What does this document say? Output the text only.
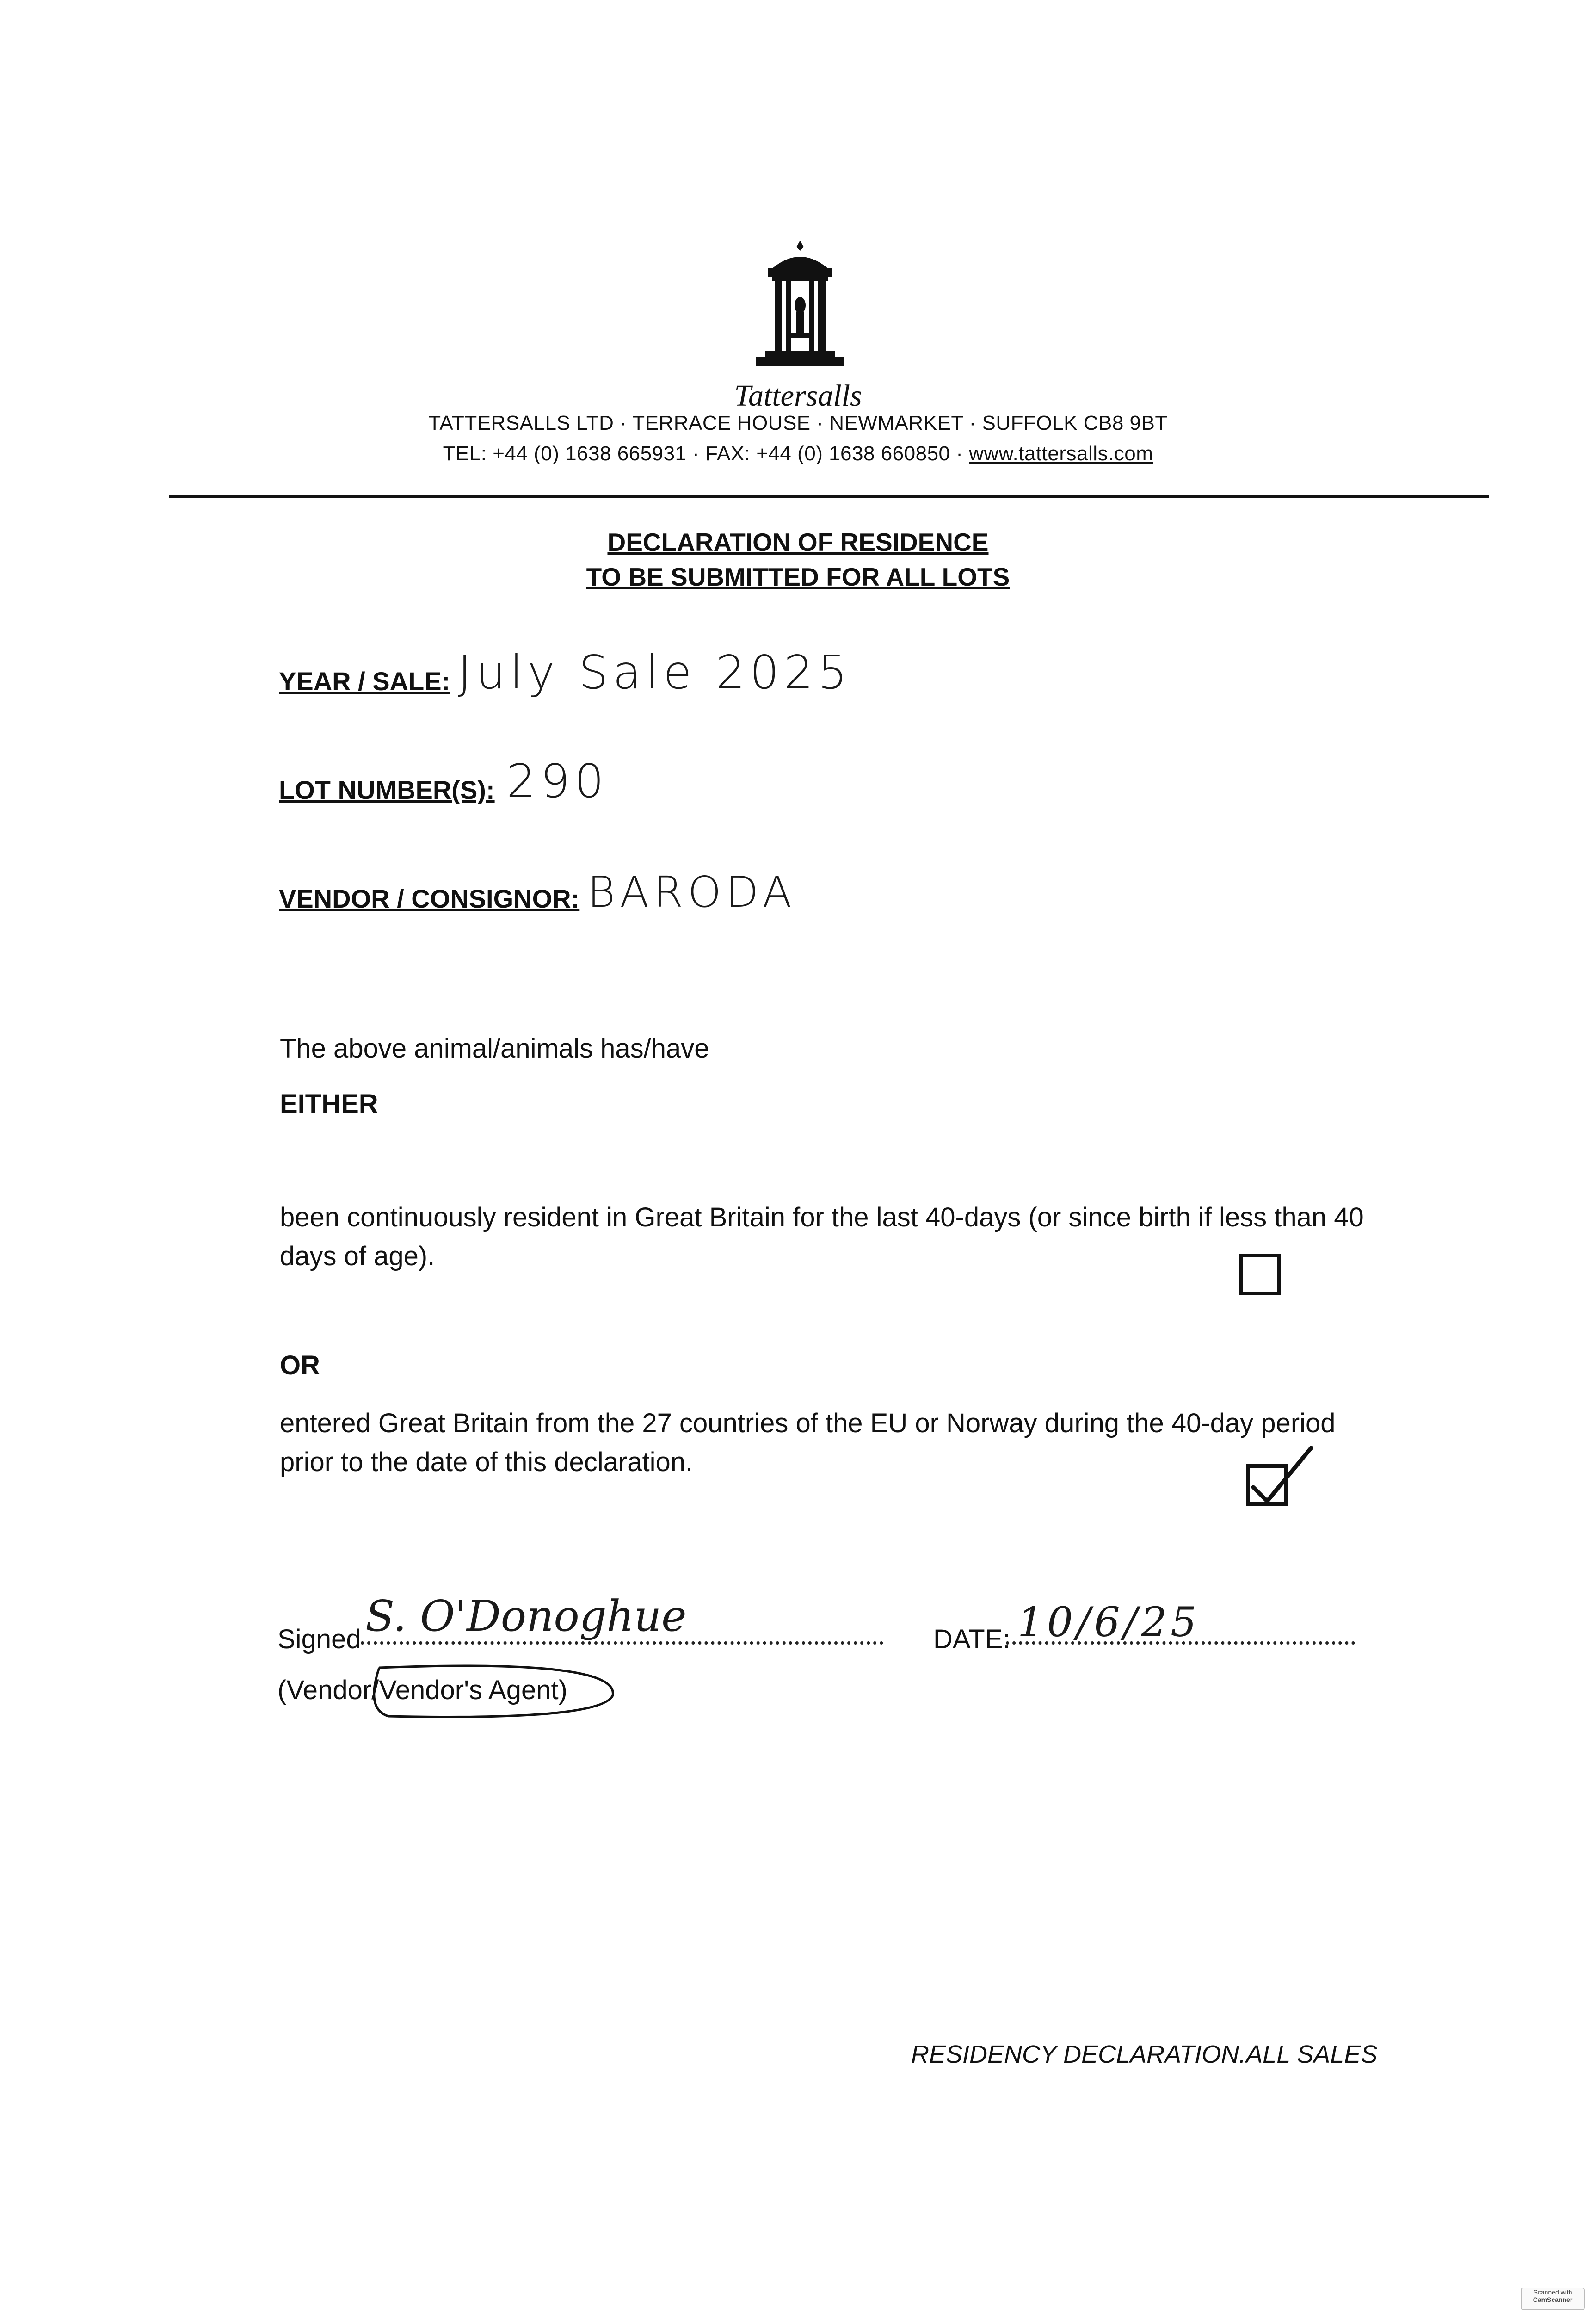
Tattersalls
TATTERSALLS LTD · TERRACE HOUSE · NEWMARKET · SUFFOLK CB8 9BT
TEL: +44 (0) 1638 665931 · FAX: +44 (0) 1638 660850 · www.tattersalls.com
DECLARATION OF RESIDENCE
TO BE SUBMITTED FOR ALL LOTS
YEAR / SALE: July Sale 2025
LOT NUMBER(S): 290
VENDOR / CONSIGNOR: BARODA
The above animal/animals has/have
EITHER
been continuously resident in Great Britain for the last 40-days (or since birth if less than 40
days of age).
OR
entered Great Britain from the 27 countries of the EU or Norway during the 40-day period
prior to the date of this declaration.
Signed S. O'Donoghue
(Vendor/Vendor's Agent)
DATE: 10/6/25
RESIDENCY DECLARATION.ALL SALES
Scanned with
CamScanner
